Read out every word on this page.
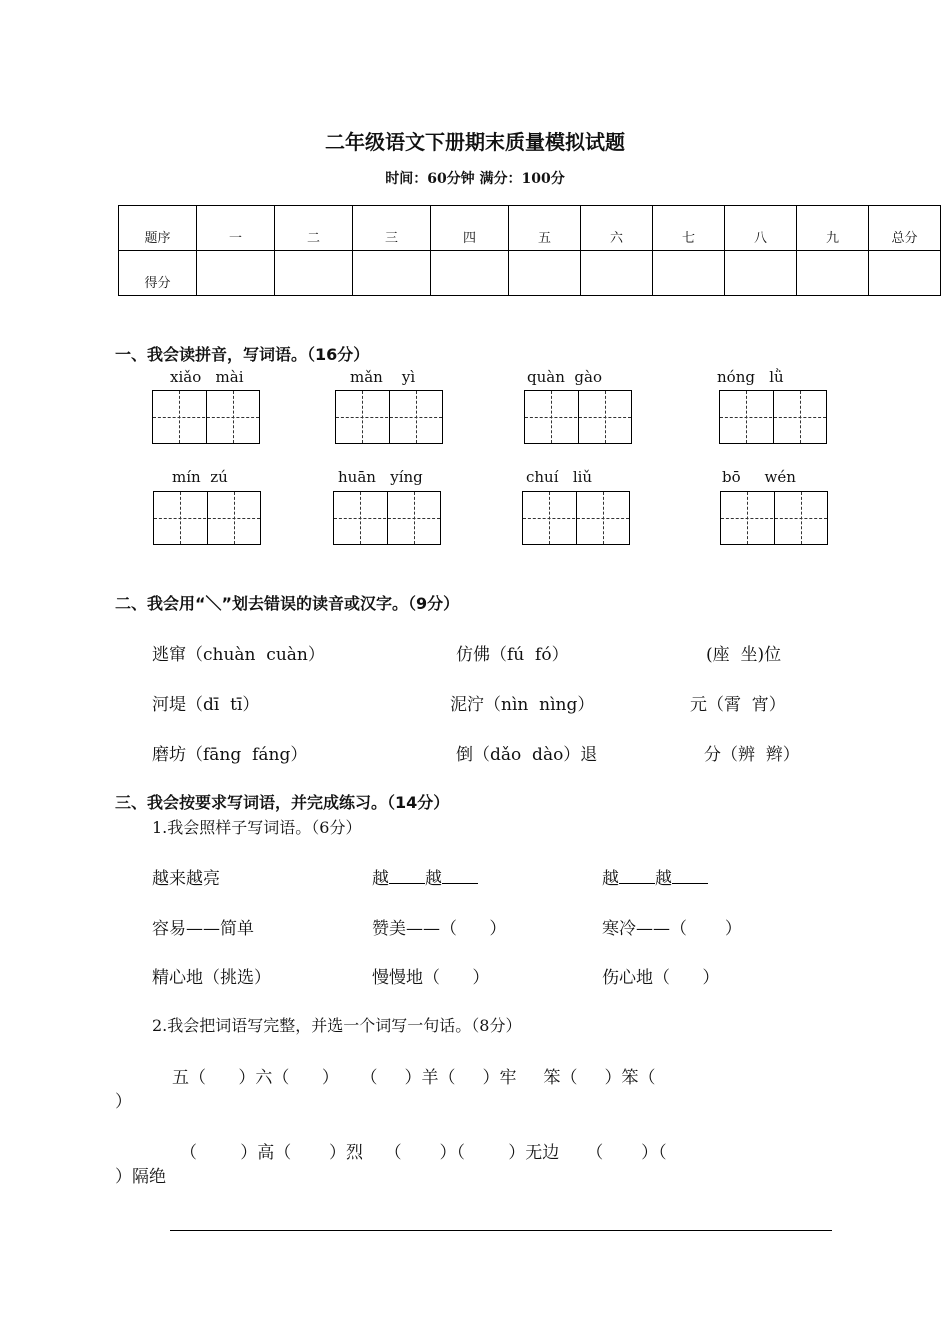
二年级语文下册期末质量模拟试题
时间：60分钟 满分：100分
题序	一	二	三	四	五	六	七	八	九	总分
得分										
一、我会读拼音，写词语。（16分）
xiǎo   mài	mǎn    yì	quàn  gào	nóng   lǜ
mín  zú	huān   yíng	chuí   liǔ	bō     wén
二、我会用“＼”划去错误的读音或汉字。（9分）
逃窜（chuàn  cuàn）	仿佛（fú  fó）	(座  坐)位
河堤（dī  tī）	泥泞（nìn  nìng）	元（霄  宵）
磨坊（fāng  fáng）	倒（dǎo  dào）退	分（辨  辫）
三、我会按要求写词语，并完成练习。（14分）
1.我会照样子写词语。（6分）
越来越亮	越 越	越 越
容易——简单	赞美——（      ）	寒冷——（       ）
精心地（挑选）	慢慢地（      ）	伤心地（      ）
2.我会把词语写完整，并选一个词写一句话。（8分）
五（      ）六（      ）    （     ）羊（     ）牢     笨（     ）笨（
）
（        ）高（       ）烈    （       ）（        ）无边     （       ）（
）隔绝
